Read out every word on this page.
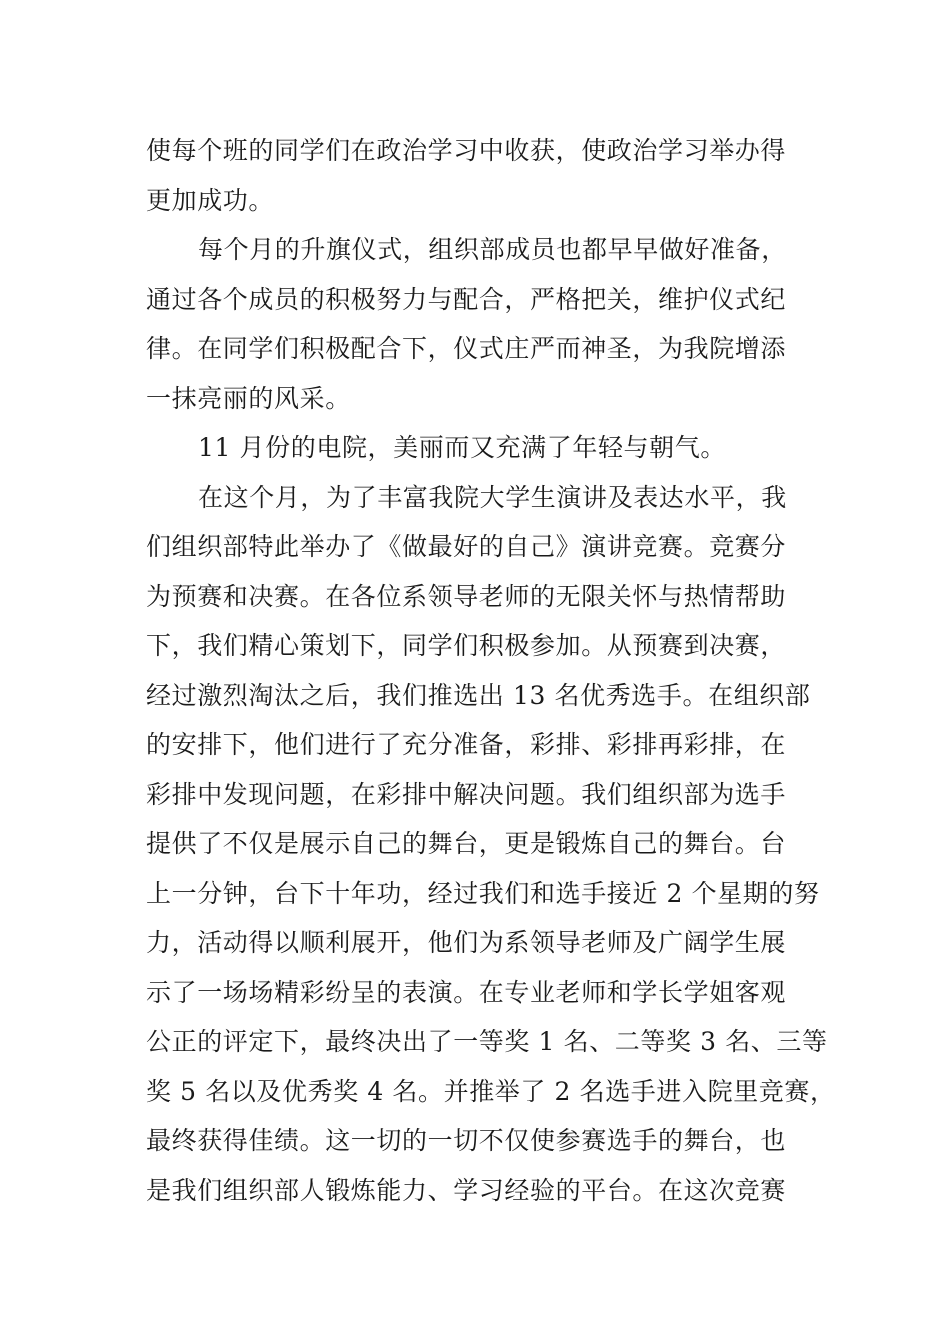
使每个班的同学们在政治学习中收获，使政治学习举办得
更加成功。
每个月的升旗仪式，组织部成员也都早早做好准备，
通过各个成员的积极努力与配合，严格把关，维护仪式纪
律。在同学们积极配合下，仪式庄严而神圣，为我院增添
一抹亮丽的风采。
11 月份的电院，美丽而又充满了年轻与朝气。
在这个月，为了丰富我院大学生演讲及表达水平，我
们组织部特此举办了《做最好的自己》演讲竞赛。竞赛分
为预赛和决赛。在各位系领导老师的无限关怀与热情帮助
下，我们精心策划下，同学们积极参加。从预赛到决赛，
经过激烈淘汰之后，我们推选出 13 名优秀选手。在组织部
的安排下，他们进行了充分准备，彩排、彩排再彩排，在
彩排中发现问题，在彩排中解决问题。我们组织部为选手
提供了不仅是展示自己的舞台，更是锻炼自己的舞台。台
上一分钟，台下十年功，经过我们和选手接近 2 个星期的努
力，活动得以顺利展开，他们为系领导老师及广阔学生展
示了一场场精彩纷呈的表演。在专业老师和学长学姐客观
公正的评定下，最终决出了一等奖 1 名、二等奖 3 名、三等
奖 5 名以及优秀奖 4 名。并推举了 2 名选手进入院里竞赛，
最终获得佳绩。这一切的一切不仅使参赛选手的舞台，也
是我们组织部人锻炼能力、学习经验的平台。在这次竞赛
